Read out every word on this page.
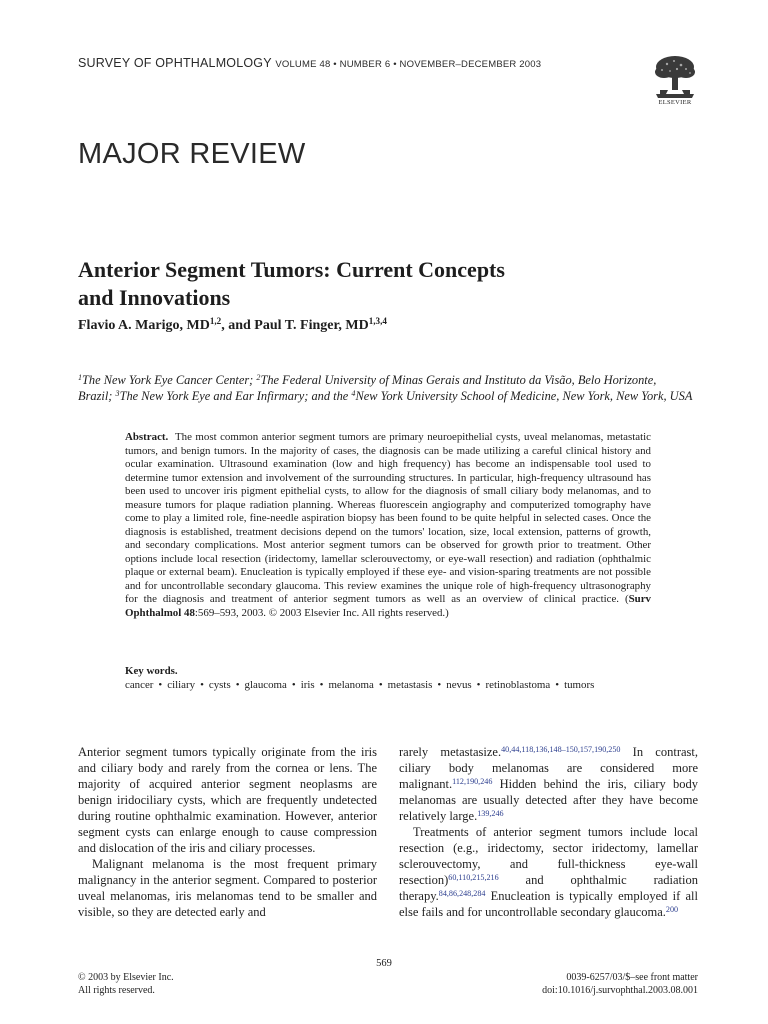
SURVEY OF OPHTHALMOLOGY VOLUME 48 • NUMBER 6 • NOVEMBER–DECEMBER 2003
ELSEVIER
MAJOR REVIEW
Anterior Segment Tumors: Current Concepts
and Innovations
Flavio A. Marigo, MD$^{1,2}$, and Paul T. Finger, MD$^{1,3,4}$
$^1$The New York Eye Cancer Center; $^2$The Federal University of Minas Gerais and Instituto da Visão, Belo Horizonte,
Brazil; $^3$The New York Eye and Ear Infirmary; and the $^4$New York University School of Medicine, New York, New York, USA
Abstract. The most common anterior segment tumors are primary neuroepithelial cysts, uveal melanomas, metastatic tumors, and benign tumors. In the majority of cases, the diagnosis can be made utilizing a careful clinical history and ocular examination. Ultrasound examination (low and high frequency) has become an indispensable tool used to determine tumor extension and involvement of the surrounding structures. In particular, high-frequency ultrasound has been used to uncover iris pigment epithelial cysts, to allow for the diagnosis of small ciliary body melanomas, and to measure tumors for plaque radiation planning. Whereas fluorescein angiography and computerized tomography have come to play a limited role, fine-needle aspiration biopsy has been found to be quite helpful in selected cases. Once the diagnosis is established, treatment decisions depend on the tumors' location, size, local extension, patterns of growth, and secondary complications. Most anterior segment tumors can be observed for growth prior to treatment. Other options include local resection (iridectomy, lamellar sclerouvectomy, or eye-wall resection) and radiation (ophthalmic plaque or external beam). Enucleation is typically employed if these eye- and vision-sparing treatments are not possible and for uncontrollable secondary glaucoma. This review examines the unique role of high-frequency ultrasonography for the diagnosis and treatment of anterior segment tumors as well as an overview of clinical practice. (Surv Ophthalmol 48:569–593, 2003. © 2003 Elsevier Inc. All rights reserved.)
Key words. cancer • ciliary • cysts • glaucoma • iris • melanoma • metastasis • nevus • retinoblastoma • tumors

Anterior segment tumors typically originate from the iris and ciliary body and rarely from the cornea or lens. The majority of acquired anterior segment neoplasms are benign iridociliary cysts, which are frequently undetected during routine ophthalmic examination. However, anterior segment cysts can enlarge enough to cause compression and dislocation of the iris and ciliary processes.

Malignant melanoma is the most frequent primary malignancy in the anterior segment. Compared to posterior uveal melanomas, iris melanomas tend to be smaller and visible, so they are detected early and

rarely metastasize.$^{40,44,118,136,148-150,157,190,250}$ In contrast, ciliary body melanomas are considered more malignant.$^{112,190,246}$ Hidden behind the iris, ciliary body melanomas are usually detected after they have become relatively large.$^{139,246}$

Treatments of anterior segment tumors include local resection (e.g., iridectomy, sector iridectomy, lamellar sclerouvectomy, and full-thickness eye-wall resection)$^{60,110,215,216}$ and ophthalmic radiation therapy.$^{84,86,248,284}$ Enucleation is typically employed if all else fails and for uncontrollable secondary glaucoma.$^{200}$

569
© 2003 by Elsevier Inc.
All rights reserved.
0039-6257/03/$–see front matter
doi:10.1016/j.survophthal.2003.08.001
